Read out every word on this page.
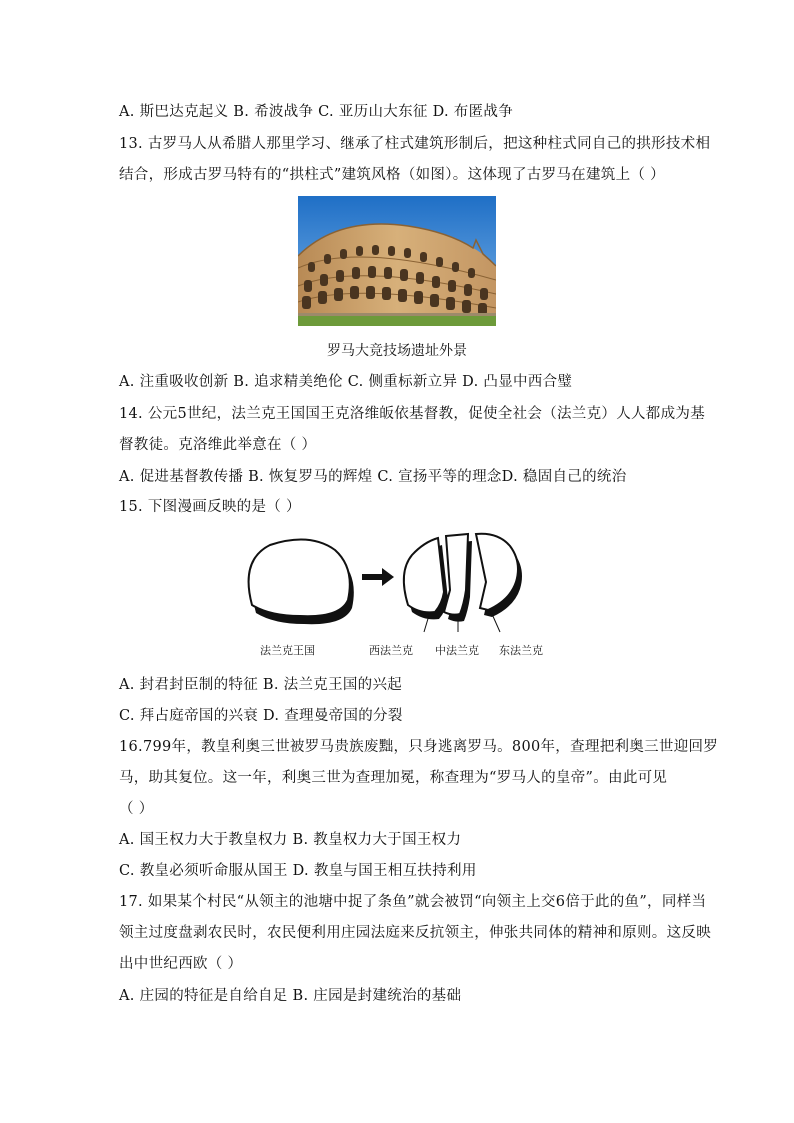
A. 斯巴达克起义 B. 希波战争 C. 亚历山大东征 D. 布匿战争
13. 古罗马人从希腊人那里学习、继承了柱式建筑形制后，把这种柱式同自己的拱形技术相
结合，形成古罗马特有的“拱柱式”建筑风格（如图）。这体现了古罗马在建筑上（ ）
A. 注重吸收创新 B. 追求精美绝伦 C. 侧重标新立异 D. 凸显中西合璧
14. 公元5世纪，法兰克王国国王克洛维皈依基督教，促使全社会（法兰克）人人都成为基
督教徒。克洛维此举意在（ ）
A. 促进基督教传播 B. 恢复罗马的辉煌 C. 宣扬平等的理念D. 稳固自己的统治
15. 下图漫画反映的是（ ）
A. 封君封臣制的特征 B. 法兰克王国的兴起
C. 拜占庭帝国的兴衰 D. 查理曼帝国的分裂
16.799年，教皇利奥三世被罗马贵族废黜，只身逃离罗马。800年，查理把利奥三世迎回罗
马，助其复位。这一年，利奥三世为查理加冕，称查理为“罗马人的皇帝”。由此可见
（ ）
A. 国王权力大于教皇权力 B. 教皇权力大于国王权力
C. 教皇必须听命服从国王 D. 教皇与国王相互扶持利用
17. 如果某个村民“从领主的池塘中捉了条鱼”就会被罚“向领主上交6倍于此的鱼”，同样当
领主过度盘剥农民时，农民便利用庄园法庭来反抗领主，伸张共同体的精神和原则。这反映
出中世纪西欧（ ）
A. 庄园的特征是自给自足 B. 庄园是封建统治的基础
罗马大竞技场遗址外景
法兰克王国	西法兰克 中法兰克 东法兰克
